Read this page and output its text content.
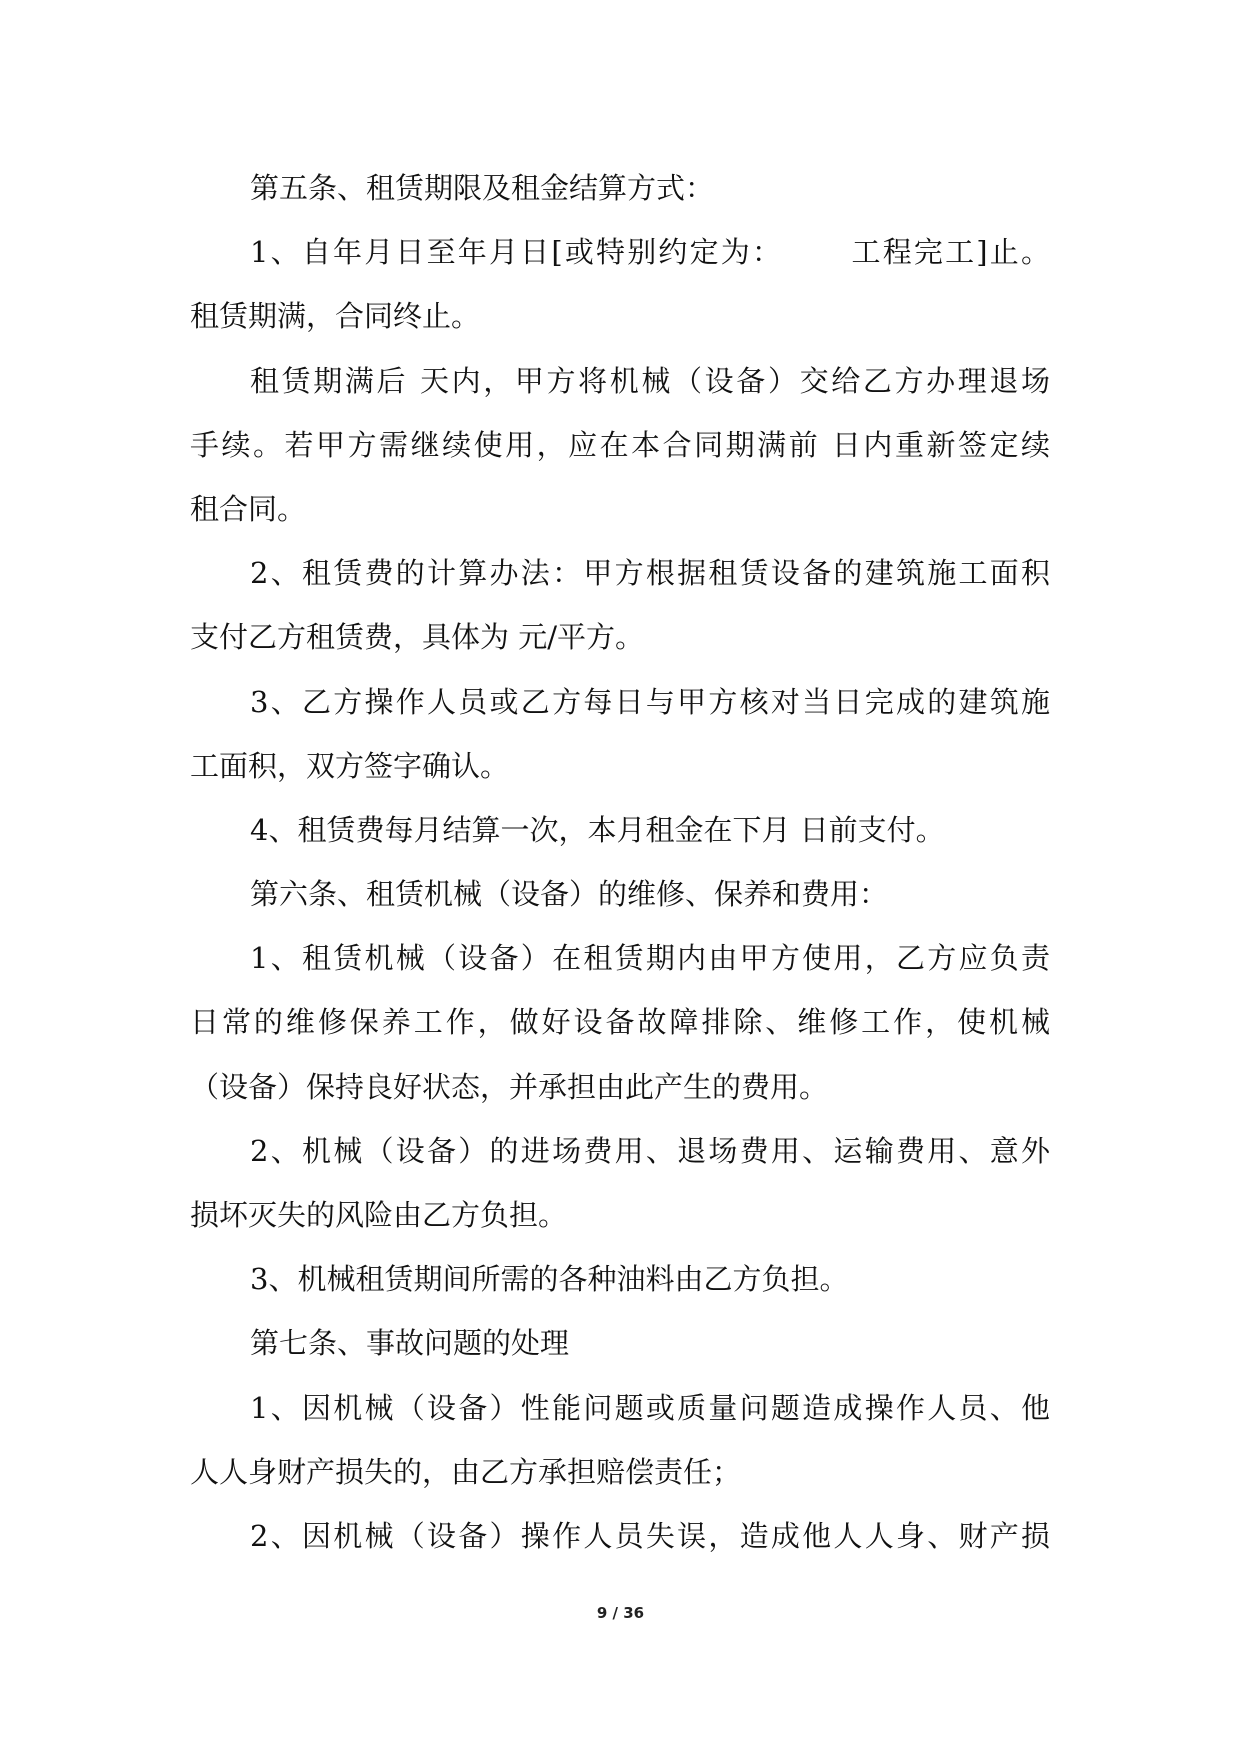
第五条、租赁期限及租金结算方式：
1、自年月日至年月日[或特别约定为：      工程完工]止。
租赁期满，合同终止。
租赁期满后 天内，甲方将机械（设备）交给乙方办理退场
手续。若甲方需继续使用，应在本合同期满前 日内重新签定续
租合同。
2、租赁费的计算办法：甲方根据租赁设备的建筑施工面积
支付乙方租赁费，具体为 元/平方。
3、乙方操作人员或乙方每日与甲方核对当日完成的建筑施
工面积，双方签字确认。
4、租赁费每月结算一次，本月租金在下月 日前支付。
第六条、租赁机械（设备）的维修、保养和费用：
1、租赁机械（设备）在租赁期内由甲方使用，乙方应负责
日常的维修保养工作，做好设备故障排除、维修工作，使机械
（设备）保持良好状态，并承担由此产生的费用。
2、机械（设备）的进场费用、退场费用、运输费用、意外
损坏灭失的风险由乙方负担。
3、机械租赁期间所需的各种油料由乙方负担。
第七条、事故问题的处理
1、因机械（设备）性能问题或质量问题造成操作人员、他
人人身财产损失的，由乙方承担赔偿责任；
2、因机械（设备）操作人员失误，造成他人人身、财产损
9 / 36
